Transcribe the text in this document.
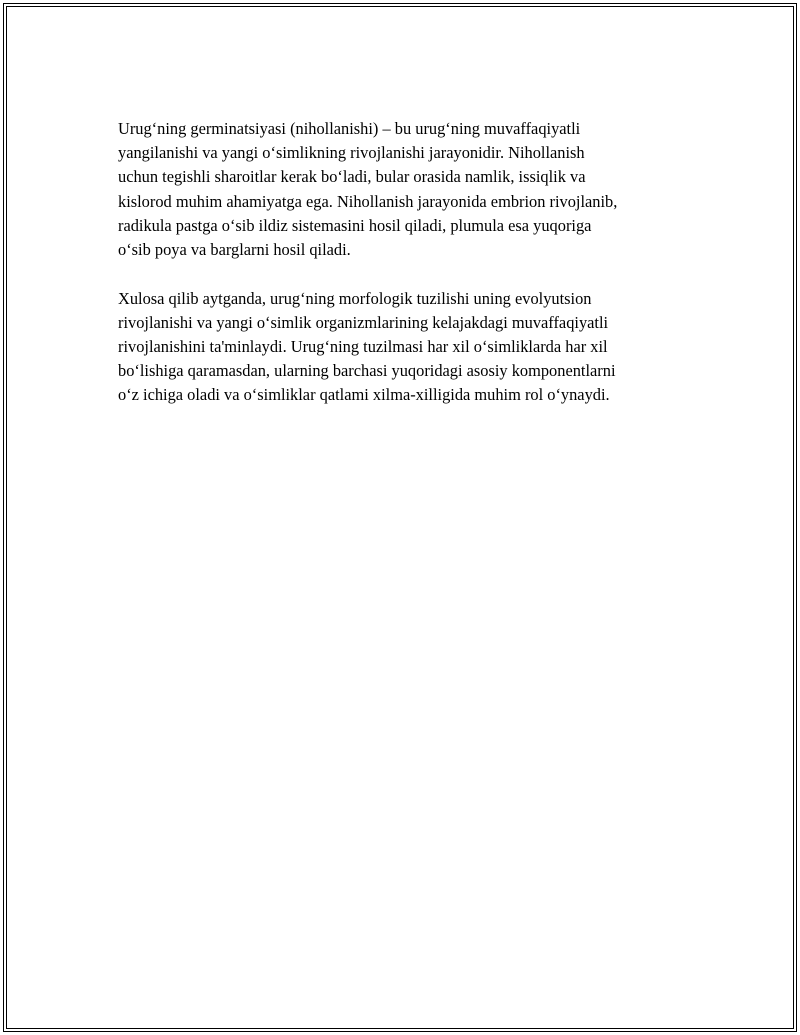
Urug‘ning germinatsiyasi (nihollanishi) – bu urug‘ning muvaffaqiyatli
yangilanishi va yangi o‘simlikning rivojlanishi jarayonidir. Nihollanish
uchun tegishli sharoitlar kerak bo‘ladi, bular orasida namlik, issiqlik va
kislorod muhim ahamiyatga ega. Nihollanish jarayonida embrion rivojlanib,
radikula pastga o‘sib ildiz sistemasini hosil qiladi, plumula esa yuqoriga
o‘sib poya va barglarni hosil qiladi.

Xulosa qilib aytganda, urug‘ning morfologik tuzilishi uning evolyutsion
rivojlanishi va yangi o‘simlik organizmlarining kelajakdagi muvaffaqiyatli
rivojlanishini ta'minlaydi. Urug‘ning tuzilmasi har xil o‘simliklarda har xil
bo‘lishiga qaramasdan, ularning barchasi yuqoridagi asosiy komponentlarni
o‘z ichiga oladi va o‘simliklar qatlami xilma-xilligida muhim rol o‘ynaydi.
